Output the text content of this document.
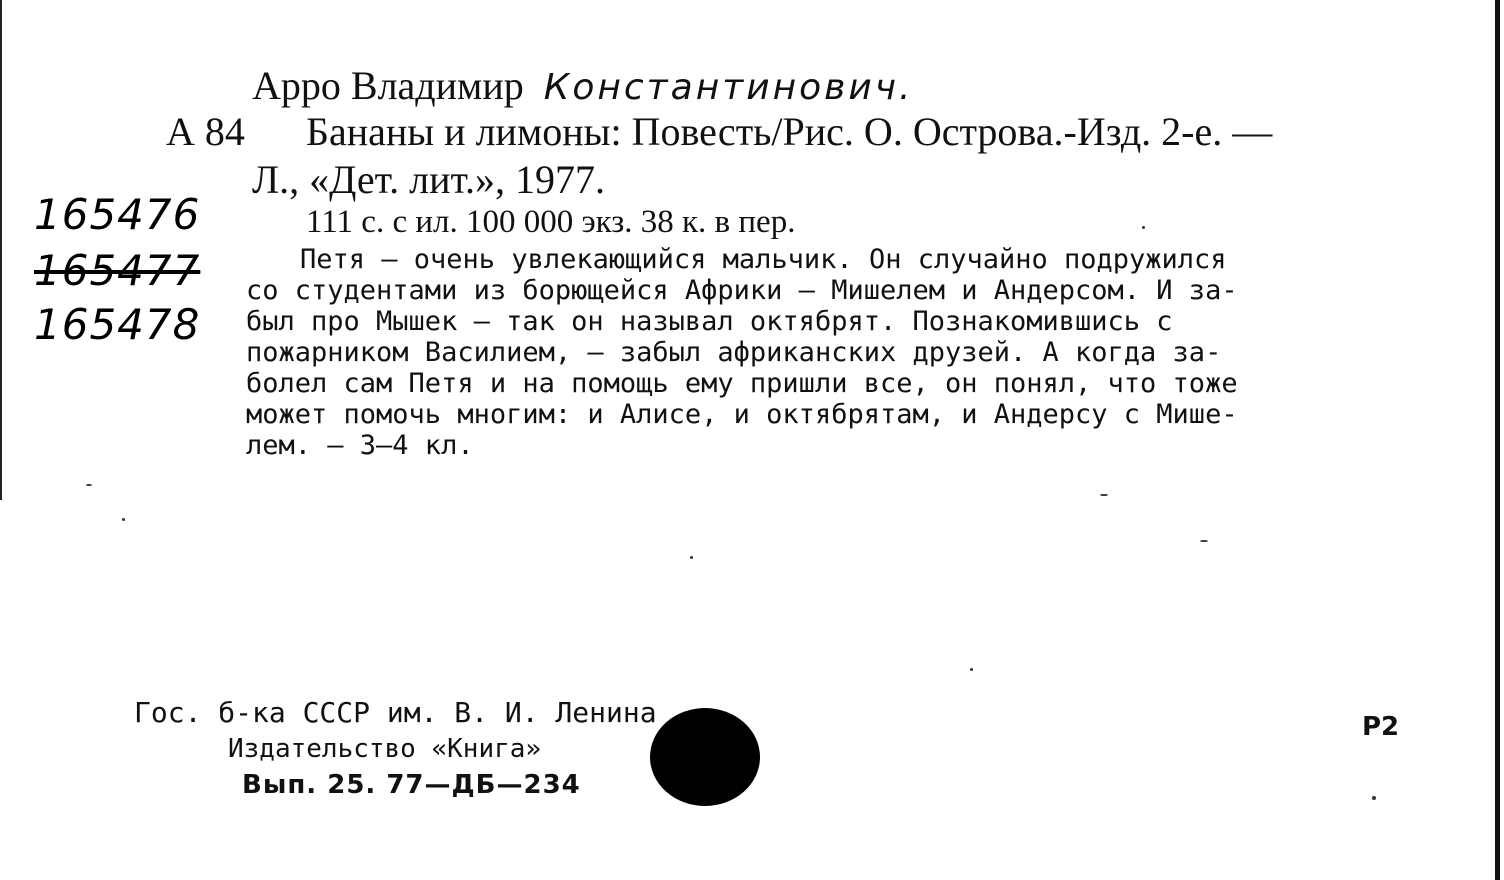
Арро Владимир Константинович.
А 84 Бананы и лимоны: Повесть/Рис. О. Острова.-Изд. 2-е. —
Л., «Дет. лит.», 1977.
111 с. с ил. 100 000 экз. 38 к. в пер.
165476
165477
165478

Петя — очень увлекающийся мальчик. Он случайно подружился

со студентами из борющейся Африки — Мишелем и Андерсом. И за-

был про Мышек — так он называл октябрят. Познакомившись с

пожарником Василием, — забыл африканских друзей. А когда за-

болел сам Петя и на помощь ему пришли все, он понял, что тоже

может помочь многим: и Алисе, и октябрятам, и Андерсу с Мише-

лем. — 3—4 кл.

Гос. б-ка СССР им. В. И. Ленина
Издательство «Книга»
Вып. 25. 77—ДБ—234
Р2
